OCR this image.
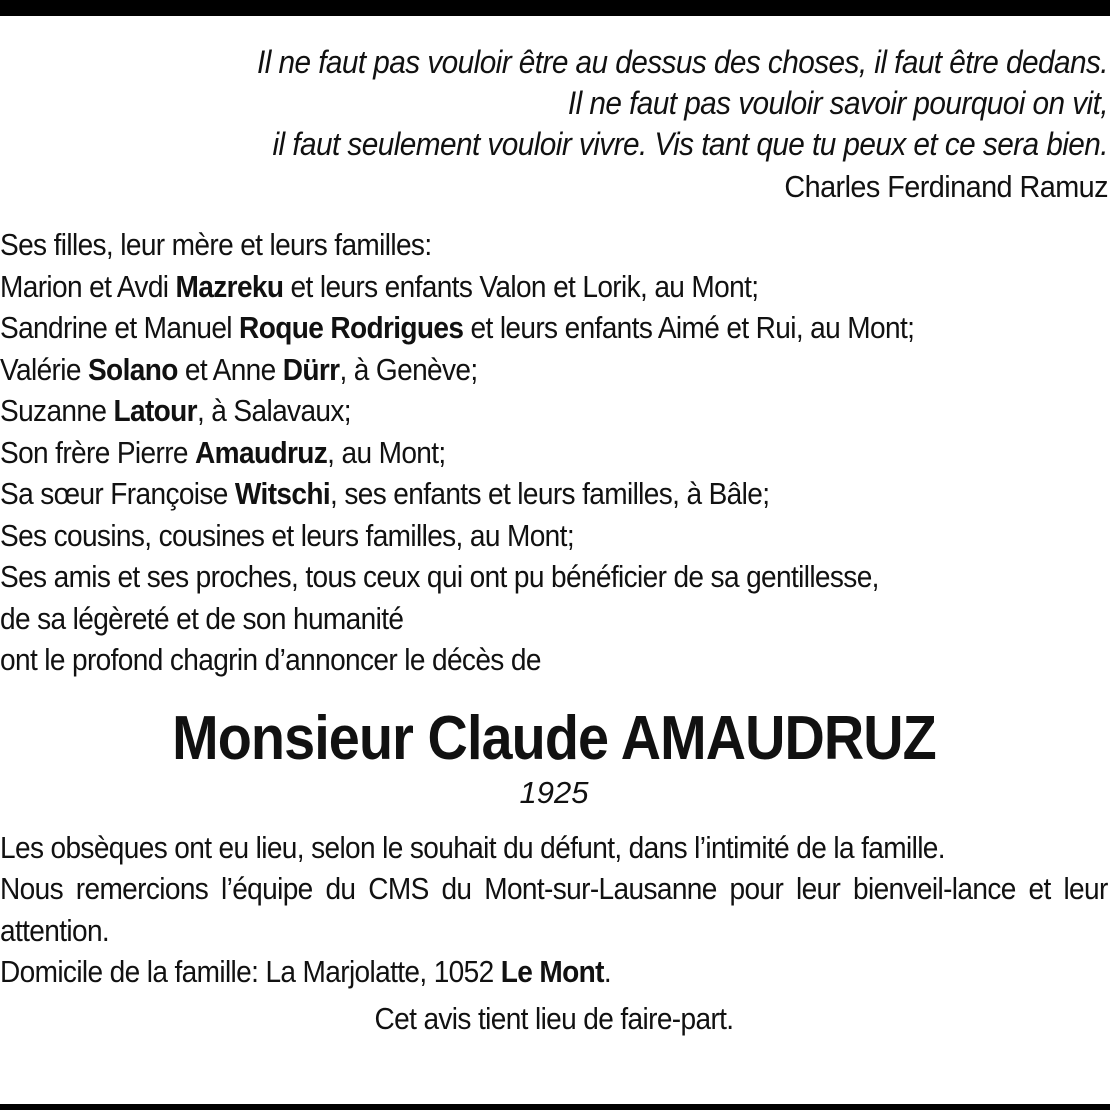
Il ne faut pas vouloir être au dessus des choses, il faut être dedans.
Il ne faut pas vouloir savoir pourquoi on vit,
il faut seulement vouloir vivre. Vis tant que tu peux et ce sera bien.
Charles Ferdinand Ramuz
Ses filles, leur mère et leurs familles:
Marion et Avdi Mazreku et leurs enfants Valon et Lorik, au Mont;
Sandrine et Manuel Roque Rodrigues et leurs enfants Aimé et Rui, au Mont;
Valérie Solano et Anne Dürr, à Genève;
Suzanne Latour, à Salavaux;
Son frère Pierre Amaudruz, au Mont;
Sa sœur Françoise Witschi, ses enfants et leurs familles, à Bâle;
Ses cousins, cousines et leurs familles, au Mont;
Ses amis et ses proches, tous ceux qui ont pu bénéficier de sa gentillesse,
de sa légèreté et de son humanité
ont le profond chagrin d’annoncer le décès de
Monsieur Claude AMAUDRUZ
1925
Les obsèques ont eu lieu, selon le souhait du défunt, dans l’intimité de la famille.
Nous remercions l’équipe du CMS du Mont-sur-Lausanne pour leur bienveil-lance et leur attention.
Domicile de la famille: La Marjolatte, 1052 Le Mont.
Cet avis tient lieu de faire-part.
